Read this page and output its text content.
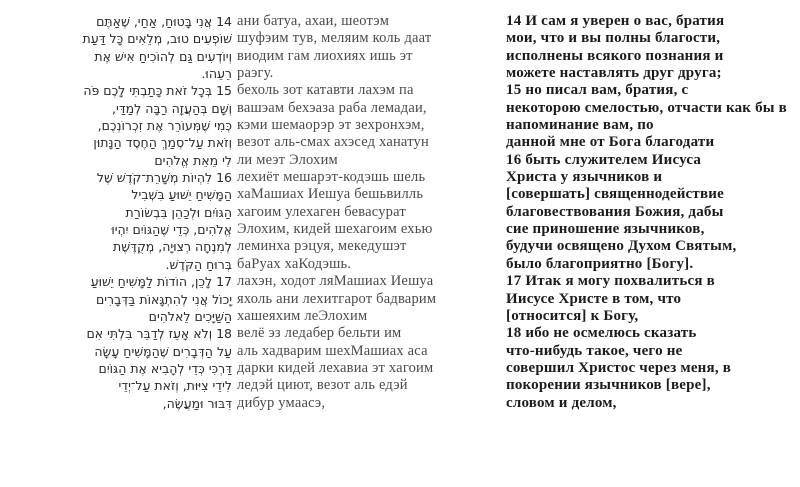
14 אֲנִי בָּטוּחַ, אַחַי, שֶׁאַתֶּם
שׁוֹפְעִים טוּב, מְלֵאִים כָּל דַּעַת
וְיוֹדְעִים גַּם לְהוֹכִיחַ אִישׁ אֶת
רֵעֵהוּ.
15 בְּכָל זֹאת כָּתַבְתִּי לָכֶם פֹּה
וְשָׁם בְּהַעֲזָה רַבָּה לְמַדַּי,
כְּמִי שֶׁמְּעוֹרֵר אֶת זִכְרוֹנְכֶם,
וְזֹאת עַל־סְמַךְ הַחֶסֶד הַנָּתוּן
לִי מֵאֵת אֱלֹהִים
16 לִהְיוֹת מְשָׁרֵת־קֹדֶשׁ שֶׁל
הַמָּשִׁיחַ יֵשׁוּעַ בִּשְׁבִיל
הַגּוֹיִם וּלְכַהֵן בִּבְשׂוֹרַת
אֱלֹהִים, כְּדֵי שֶׁהַגּוֹיִם יִהְיוּ
לְמִנְחָה רְצוּיָה, מְקֻדֶּשֶׁת
בְּרוּחַ הַקֹּדֶשׁ.
17 לָכֵן, הוֹדוֹת לַמָּשִׁיחַ יֵשׁוּעַ
יָכוֹל אֲנִי לְהִתְגָּאוֹת בַּדְּבָרִים
הַשַּׁיָּכִים לֵאלֹהִים
18 וְלֹא אָעֵז לְדַבֵּר בִּלְתִּי אִם
עַל הַדְּבָרִים שֶׁהַמָּשִׁיחַ עָשָׂה
דַּרְכִּי כְּדֵי לְהָבִיא אֶת הַגּוֹיִם
לִידֵי צִיּוּת, וְזֹאת עַל־יְדֵי
דִּבּוּר וּמַעֲשֶׂה,
ани батуа, ахаи, шеотэм
шуфэим тув, меляим коль даат
виодим гам лиохиях ишь эт
раэгу.
бехоль зот катавти лахэм па
вашэам бехэаза раба лемадаи,
кэми шемаорэр эт зехронхэм,
везот аль-смах ахэсед ханатун
ли меэт Элохим
лехиёт мешарэт-кодэшь шель
хаМашиах Иешуа бешьвилль
хагоим улехаген бевасурат
Элохим, кидей шехагоим ехью
леминха рэцуя, мекедушэт
баРуах хаКодэшь.
лахэн, ходот ляМашиах Иешуа
яхоль ани лехитгарот бадварим
хашеяхим леЭлохим
велё эз ледабер бельти им
аль хадварим шехМашиах аса
дарки кидей лехавиа эт хагоим
ледэй циют, везот аль едэй
дибур умаасэ,
14 И сам я уверен о вас, братия
мои, что и вы полны благости,
исполнены всякого познания и
можете наставлять друг друга;
15 но писал вам, братия, с
некоторою смелостью, отчасти как бы в
напоминание вам, по
данной мне от Бога благодати
16 быть служителем Иисуса
Христа у язычников и
[совершать] священнодействие
благовествования Божия, дабы
сие приношение язычников,
будучи освящено Духом Святым,
было благоприятно [Богу].
17 Итак я могу похвалиться в
Иисусе Христе в том, что
[относится] к Богу,
18 ибо не осмелюсь сказать
что-нибудь такое, чего не
совершил Христос через меня, в
покорении язычников [вере],
словом и делом,
